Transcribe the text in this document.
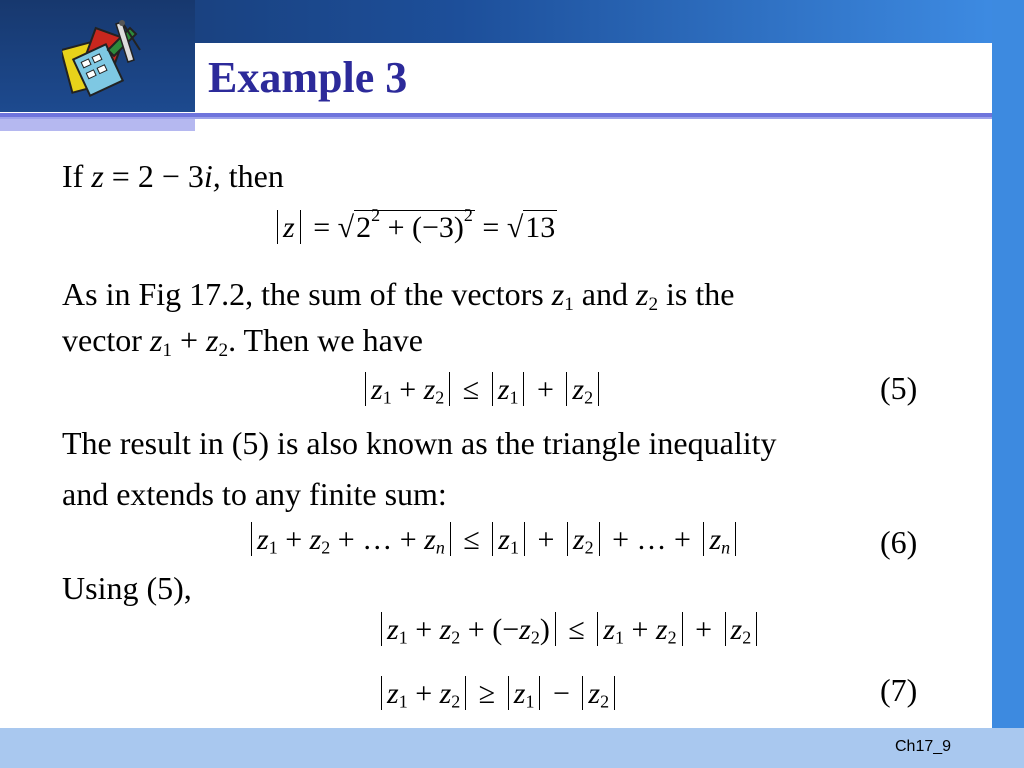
Example 3
If z = 2 − 3i, then
$z = √2^2 + (-3)^2 = √13$
As in Fig 17.2, the sum of the vectors $z_1$ and $z_2$ is the
vector $z_1 + z_2$. Then we have
$z_1 + z_2 \le z_1 + z_2$	(5)
The result in (5) is also known as the triangle inequality
and extends to any finite sum:
$z_1 + z_2$ + … + $z_n \le z_1 + z_2$ + … + $z_n$	(6)
Using (5),
$z_1 + z_2 + (-z_2) \le z_1 + z_2 + z_2$
$z_1 + z_2 \ge z_1 - z_2$	(7)
Ch17_9
